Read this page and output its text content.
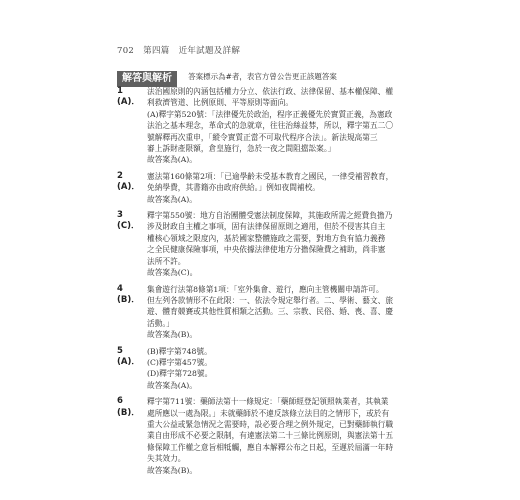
702 第四篇 近年試題及詳解
解答與解析 答案標示為#者，表官方曾公告更正該題答案
1 (A)．
法治國原則的內涵包括權力分立、依法行政、法律保留、基本權保障、權
利救濟管道、比例原則、平等原則等面向。
(A)釋字第520號：「法律優先於政治，程序正義優先於實質正義，為憲政
法治之基本理念，革命式的急就章，往往治絲益棼，所以，釋字第五二〇
號解釋再次重申，「縱令實質正當不可取代程序合法」。新法規高第三
審上訴財產限額，倉皇施行，急於一夜之間阻擋訟案。」
故答案為(A)。
2 (A)．
憲法第160條第2項：「已逾學齡未受基本教育之國民，一律受補習教育，
免納學費，其書籍亦由政府供給。」例如夜間補校。
故答案為(A)。
3 (C)．
釋字第550號：地方自治團體受憲法制度保障，其施政所需之經費負擔乃
涉及財政自主權之事項，固有法律保留原則之適用，但於不侵害其自主
權核心領域之限度內，基於國家整體施政之需要，對地方負有協力義務
之全民健康保險事項，中央依據法律使地方分擔保險費之補助，尚非憲
法所不許。
故答案為(C)。
4 (B)．
集會遊行法第8條第1項：「室外集會、遊行，應向主管機關申請許可。
但左列各款情形不在此限：一、依法令規定舉行者。二、學術、藝文、旅
遊、體育競賽或其他性質相類之活動。三、宗教、民俗、婚、喪、喜、慶
活動。」
故答案為(B)。
5 (A)．
(B)釋字第748號。
(C)釋字第457號。
(D)釋字第728號。
故答案為(A)。
6 (B)．
釋字第711號：藥師法第十一條規定：「藥師經登記領照執業者，其執業
處所應以一處為限。」未就藥師於不違反該條立法目的之情形下，或於有
重大公益或緊急情況之需要時，設必要合理之例外規定，已對藥師執行職
業自由形成不必要之限制，有違憲法第二十三條比例原則，與憲法第十五
條保障工作權之意旨相牴觸，應自本解釋公布之日起，至遲於屆滿一年時
失其效力。
故答案為(B)。
